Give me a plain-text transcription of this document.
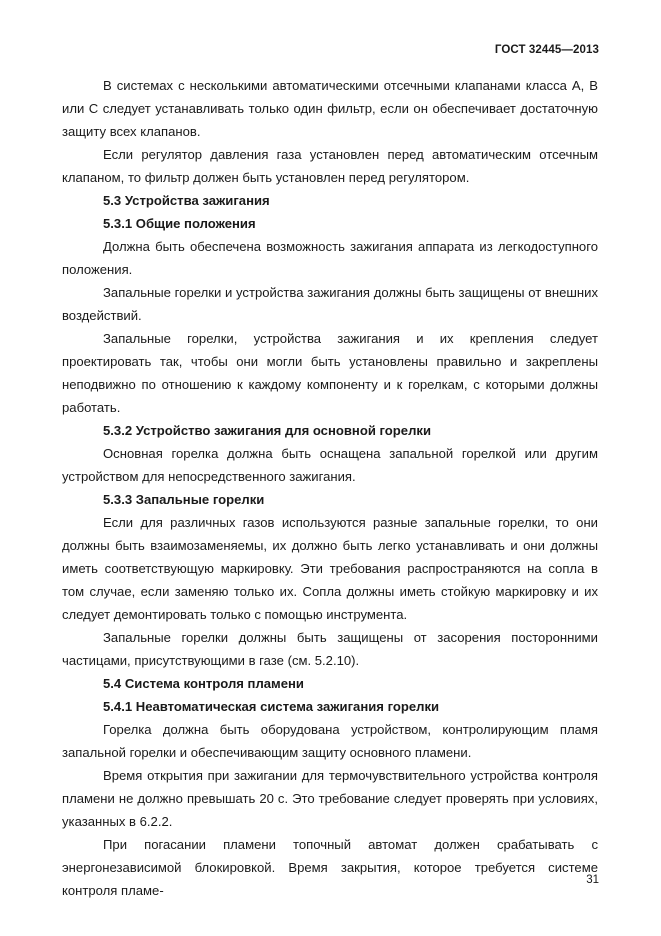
ГОСТ 32445—2013

В системах с несколькими автоматическими отсечными клапанами класса А, В или С следует устанавливать только один фильтр, если он обеспечивает достаточную защиту всех клапанов.

Если регулятор давления газа установлен перед автоматическим отсечным клапаном, то фильтр должен быть установлен перед регулятором.

5.3 Устройства зажигания
5.3.1 Общие положения

Должна быть обеспечена возможность зажигания аппарата из легкодоступного положения.

Запальные горелки и устройства зажигания должны быть защищены от внешних воздействий.

Запальные горелки, устройства зажигания и их крепления следует проектировать так, чтобы они могли быть установлены правильно и закреплены неподвижно по отношению к каждому компоненту и к горелкам, с которыми должны работать.

5.3.2 Устройство зажигания для основной горелки

Основная горелка должна быть оснащена запальной горелкой или другим устройством для непосредственного зажигания.

5.3.3 Запальные горелки

Если для различных газов используются разные запальные горелки, то они должны быть взаимозаменяемы, их должно быть легко устанавливать и они должны иметь соответствующую маркировку. Эти требования распространяются на сопла в том случае, если заменяю только их. Сопла должны иметь стойкую маркировку и их следует демонтировать только с помощью инструмента.

Запальные горелки должны быть защищены от засорения посторонними частицами, присутствующими в газе (см. 5.2.10).

5.4 Система контроля пламени
5.4.1 Неавтоматическая система зажигания горелки

Горелка должна быть оборудована устройством, контролирующим пламя запальной горелки и обеспечивающим защиту основного пламени.

Время открытия при зажигании для термочувствительного устройства контроля пламени не должно превышать 20 с. Это требование следует проверять при условиях, указанных в 6.2.2.

При погасании пламени топочный автомат должен срабатывать с энергонезависимой блокировкой. Время закрытия, которое требуется системе контроля пламе-

31
